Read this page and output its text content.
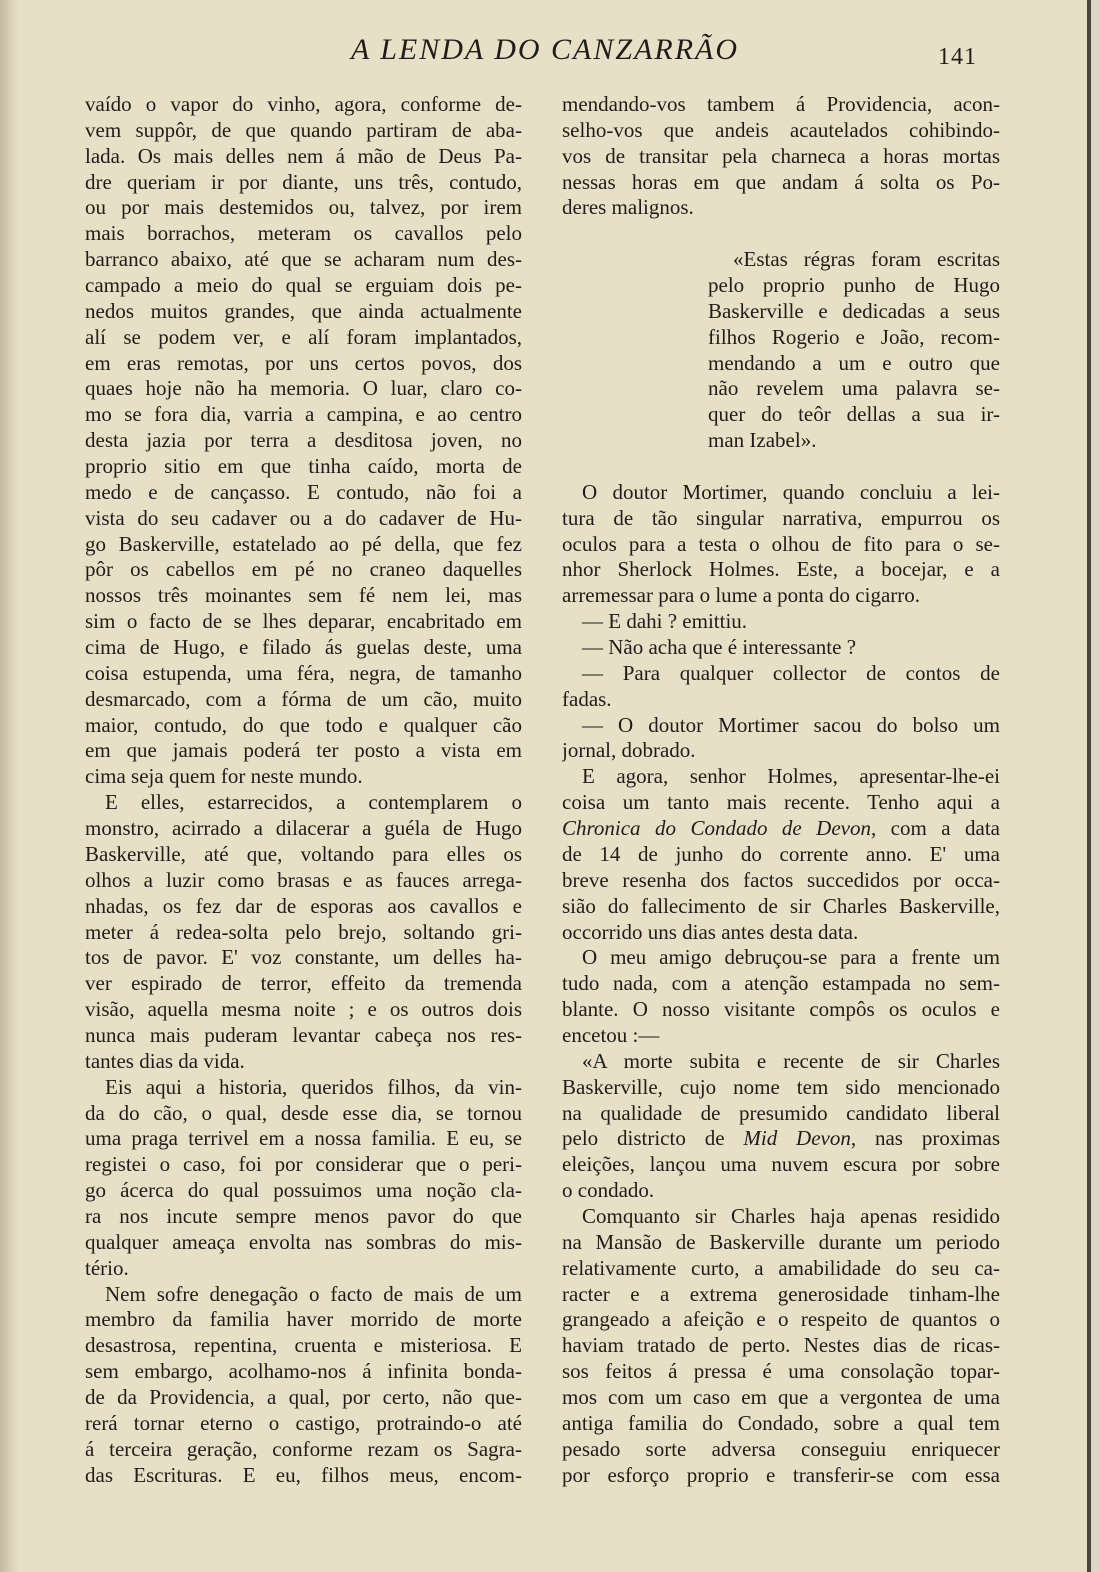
A LENDA DO CANZARRÃO	141
vaído o vapor do vinho, agora, conforme de-
vem suppôr, de que quando partiram de aba-
lada. Os mais delles nem á mão de Deus Pa-
dre queriam ir por diante, uns três, contudo,
ou por mais destemidos ou, talvez, por irem
mais borrachos, meteram os cavallos pelo
barranco abaixo, até que se acharam num des-
campado a meio do qual se erguiam dois pe-
nedos muitos grandes, que ainda actualmente
alí se podem ver, e alí foram implantados,
em eras remotas, por uns certos povos, dos
quaes hoje não ha memoria. O luar, claro co-
mo se fora dia, varria a campina, e ao centro
desta jazia por terra a desditosa joven, no
proprio sitio em que tinha caído, morta de
medo e de cançasso. E contudo, não foi a
vista do seu cadaver ou a do cadaver de Hu-
go Baskerville, estatelado ao pé della, que fez
pôr os cabellos em pé no craneo daquelles
nossos três moinantes sem fé nem lei, mas
sim o facto de se lhes deparar, encabritado em
cima de Hugo, e filado ás guelas deste, uma
coisa estupenda, uma féra, negra, de tamanho
desmarcado, com a fórma de um cão, muito
maior, contudo, do que todo e qualquer cão
em que jamais poderá ter posto a vista em
cima seja quem for neste mundo.
E elles, estarrecidos, a contemplarem o
monstro, acirrado a dilacerar a guéla de Hugo
Baskerville, até que, voltando para elles os
olhos a luzir como brasas e as fauces arrega-
nhadas, os fez dar de esporas aos cavallos e
meter á redea-solta pelo brejo, soltando gri-
tos de pavor. E' voz constante, um delles ha-
ver espirado de terror, effeito da tremenda
visão, aquella mesma noite ; e os outros dois
nunca mais puderam levantar cabeça nos res-
tantes dias da vida.
Eis aqui a historia, queridos filhos, da vin-
da do cão, o qual, desde esse dia, se tornou
uma praga terrivel em a nossa familia. E eu, se
registei o caso, foi por considerar que o peri-
go ácerca do qual possuimos uma noção cla-
ra nos incute sempre menos pavor do que
qualquer ameaça envolta nas sombras do mis-
tério.
Nem sofre denegação o facto de mais de um
membro da familia haver morrido de morte
desastrosa, repentina, cruenta e misteriosa. E
sem embargo, acolhamo-nos á infinita bonda-
de da Providencia, a qual, por certo, não que-
rerá tornar eterno o castigo, protraindo-o até
á terceira geração, conforme rezam os Sagra-
das Escrituras. E eu, filhos meus, encom-
mendando-vos tambem á Providencia, acon-
selho-vos que andeis acautelados cohibindo-
vos de transitar pela charneca a horas mortas
nessas horas em que andam á solta os Po-
deres malignos.
«Estas régras foram escritas
pelo proprio punho de Hugo
Baskerville e dedicadas a seus
filhos Rogerio e João, recom-
mendando a um e outro que
não revelem uma palavra se-
quer do teôr dellas a sua ir-
man Izabel».
O doutor Mortimer, quando concluiu a lei-
tura de tão singular narrativa, empurrou os
oculos para a testa o olhou de fito para o se-
nhor Sherlock Holmes. Este, a bocejar, e a
arremessar para o lume a ponta do cigarro.
— E dahi ? emittiu.
— Não acha que é interessante ?
— Para qualquer collector de contos de
fadas.
— O doutor Mortimer sacou do bolso um
jornal, dobrado.
E agora, senhor Holmes, apresentar-lhe-ei
coisa um tanto mais recente. Tenho aqui a
Chronica do Condado de Devon, com a data
de 14 de junho do corrente anno. E' uma
breve resenha dos factos succedidos por occa-
sião do fallecimento de sir Charles Baskerville,
occorrido uns dias antes desta data.
O meu amigo debruçou-se para a frente um
tudo nada, com a atenção estampada no sem-
blante. O nosso visitante compôs os oculos e
encetou :—
«A morte subita e recente de sir Charles
Baskerville, cujo nome tem sido mencionado
na qualidade de presumido candidato liberal
pelo districto de Mid Devon, nas proximas
eleições, lançou uma nuvem escura por sobre
o condado.
Comquanto sir Charles haja apenas residido
na Mansão de Baskerville durante um periodo
relativamente curto, a amabilidade do seu ca-
racter e a extrema generosidade tinham-lhe
grangeado a afeição e o respeito de quantos o
haviam tratado de perto. Nestes dias de ricas-
sos feitos á pressa é uma consolação topar-
mos com um caso em que a vergontea de uma
antiga familia do Condado, sobre a qual tem
pesado sorte adversa conseguiu enriquecer
por esforço proprio e transferir-se com essa
